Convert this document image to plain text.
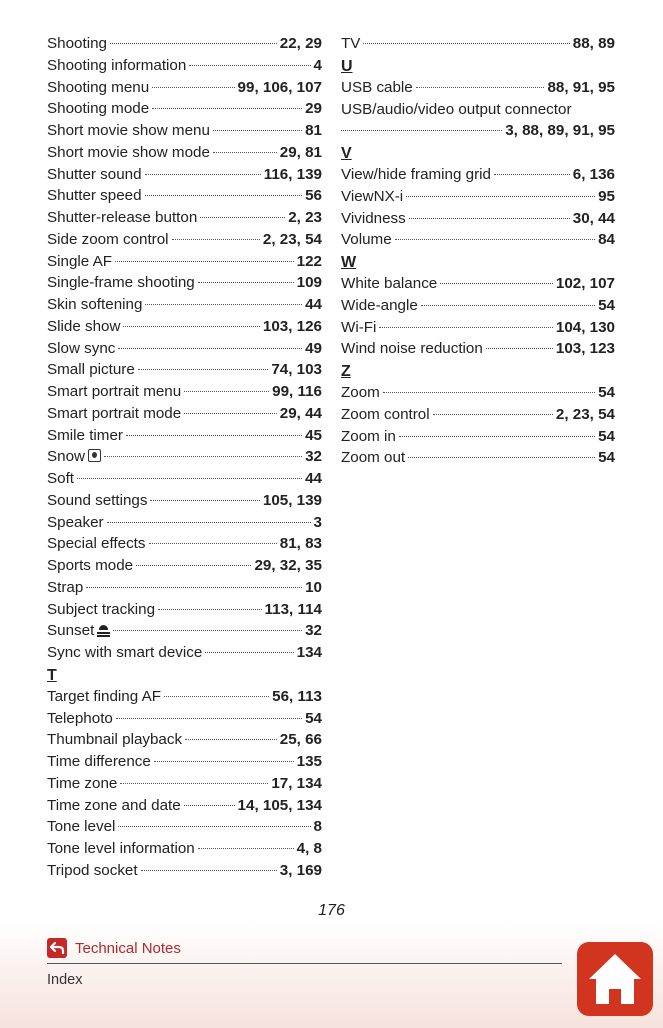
Shooting	22, 29
Shooting information	4
Shooting menu	99, 106, 107
Shooting mode	29
Short movie show menu	81
Short movie show mode	29, 81
Shutter sound	116, 139
Shutter speed	56
Shutter-release button	2, 23
Side zoom control	2, 23, 54
Single AF	122
Single-frame shooting	109
Skin softening	44
Slide show	103, 126
Slow sync	49
Small picture	74, 103
Smart portrait menu	99, 116
Smart portrait mode	29, 44
Smile timer	45
Snow	32
Soft	44
Sound settings	105, 139
Speaker	3
Special effects	81, 83
Sports mode	29, 32, 35
Strap	10
Subject tracking	113, 114
Sunset	32
Sync with smart device	134
T
Target finding AF	56, 113
Telephoto	54
Thumbnail playback	25, 66
Time difference	135
Time zone	17, 134
Time zone and date	14, 105, 134
Tone level	8
Tone level information	4, 8
Tripod socket	3, 169
TV	88, 89
U
USB cable	88, 91, 95
USB/audio/video output connector
3, 88, 89, 91, 95
V
View/hide framing grid	6, 136
ViewNX-i	95
Vividness	30, 44
Volume	84
W
White balance	102, 107
Wide-angle	54
Wi-Fi	104, 130
Wind noise reduction	103, 123
Z
Zoom	54
Zoom control	2, 23, 54
Zoom in	54
Zoom out	54
176
Technical Notes
Index
